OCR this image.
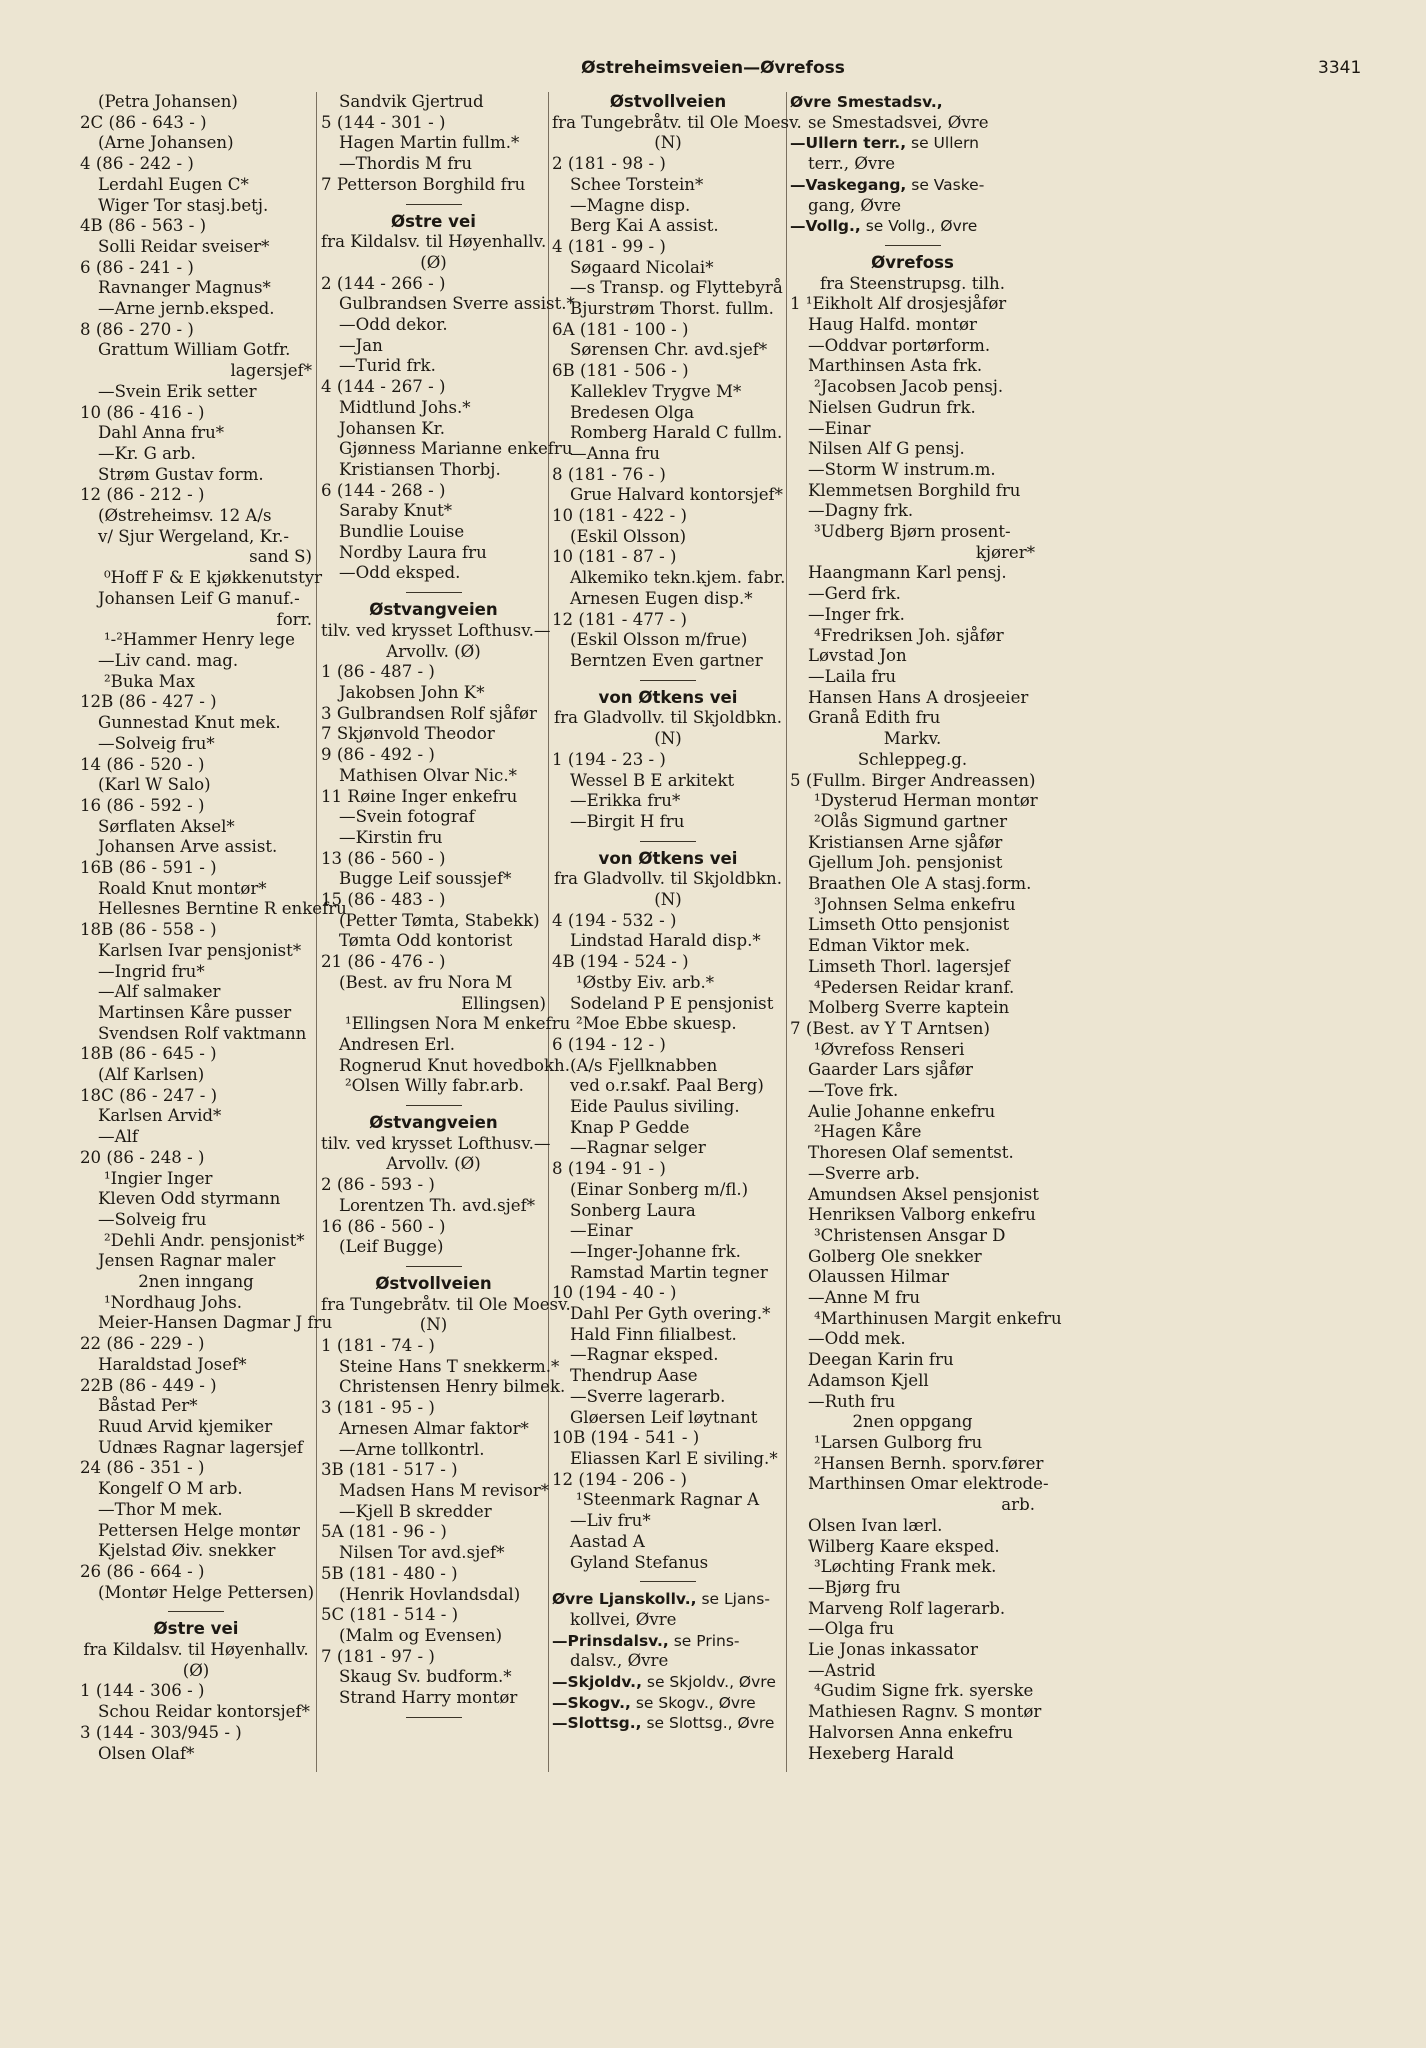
Østreheimsveien—Øvrefoss	3341
(Petra Johansen)
2C (86 - 643 - )
(Arne Johansen)
4 (86 - 242 - )
Lerdahl Eugen C*
Wiger Tor stasj.betj.
4B (86 - 563 - )
Solli Reidar sveiser*
6 (86 - 241 - )
Ravnanger Magnus*
—Arne jernb.eksped.
8 (86 - 270 - )
Grattum William Gotfr.
lagersjef*
—Svein Erik setter
10 (86 - 416 - )
Dahl Anna fru*
—Kr. G arb.
Strøm Gustav form.
12 (86 - 212 - )
(Østreheimsv. 12 A/s
v/ Sjur Wergeland, Kr.-
sand S)
⁰Hoff F & E kjøkkenutstyr
Johansen Leif G manuf.-
forr.
¹-²Hammer Henry lege
—Liv cand. mag.
²Buka Max
12B (86 - 427 - )
Gunnestad Knut mek.
—Solveig fru*
14 (86 - 520 - )
(Karl W Salo)
16 (86 - 592 - )
Sørflaten Aksel*
Johansen Arve assist.
16B (86 - 591 - )
Roald Knut montør*
Hellesnes Berntine R enkefru
18B (86 - 558 - )
Karlsen Ivar pensjonist*
—Ingrid fru*
—Alf salmaker
Martinsen Kåre pusser
Svendsen Rolf vaktmann
18B (86 - 645 - )
(Alf Karlsen)
18C (86 - 247 - )
Karlsen Arvid*
—Alf
20 (86 - 248 - )
¹Ingier Inger
Kleven Odd styrmann
—Solveig fru
²Dehli Andr. pensjonist*
Jensen Ragnar maler
2nen inngang
¹Nordhaug Johs.
Meier-Hansen Dagmar J fru
22 (86 - 229 - )
Haraldstad Josef*
22B (86 - 449 - )
Båstad Per*
Ruud Arvid kjemiker
Udnæs Ragnar lagersjef
24 (86 - 351 - )
Kongelf O M arb.
—Thor M mek.
Pettersen Helge montør
Kjelstad Øiv. snekker
26 (86 - 664 - )
(Montør Helge Pettersen)
Østre vei
fra Kildalsv. til Høyenhallv.
(Ø)
1 (144 - 306 - )
Schou Reidar kontorsjef*
3 (144 - 303/945 - )
Olsen Olaf*
Sandvik Gjertrud
5 (144 - 301 - )
Hagen Martin fullm.*
—Thordis M fru
7 Petterson Borghild fru
Østre vei
fra Kildalsv. til Høyenhallv.
(Ø)
2 (144 - 266 - )
Gulbrandsen Sverre assist.*
—Odd dekor.
—Jan
—Turid frk.
4 (144 - 267 - )
Midtlund Johs.*
Johansen Kr.
Gjønness Marianne enkefru
Kristiansen Thorbj.
6 (144 - 268 - )
Saraby Knut*
Bundlie Louise
Nordby Laura fru
—Odd eksped.
Østvangveien
tilv. ved krysset Lofthusv.—
Arvollv. (Ø)
1 (86 - 487 - )
Jakobsen John K*
3 Gulbrandsen Rolf sjåfør
7 Skjønvold Theodor
9 (86 - 492 - )
Mathisen Olvar Nic.*
11 Røine Inger enkefru
—Svein fotograf
—Kirstin fru
13 (86 - 560 - )
Bugge Leif soussjef*
15 (86 - 483 - )
(Petter Tømta, Stabekk)
Tømta Odd kontorist
21 (86 - 476 - )
(Best. av fru Nora M
Ellingsen)
¹Ellingsen Nora M enkefru
Andresen Erl.
Rognerud Knut hovedbokh.
²Olsen Willy fabr.arb.
Østvangveien
tilv. ved krysset Lofthusv.—
Arvollv. (Ø)
2 (86 - 593 - )
Lorentzen Th. avd.sjef*
16 (86 - 560 - )
(Leif Bugge)
Østvollveien
fra Tungebråtv. til Ole Moesv.
(N)
1 (181 - 74 - )
Steine Hans T snekkerm.*
Christensen Henry bilmek.
3 (181 - 95 - )
Arnesen Almar faktor*
—Arne tollkontrl.
3B (181 - 517 - )
Madsen Hans M revisor*
—Kjell B skredder
5A (181 - 96 - )
Nilsen Tor avd.sjef*
5B (181 - 480 - )
(Henrik Hovlandsdal)
5C (181 - 514 - )
(Malm og Evensen)
7 (181 - 97 - )
Skaug Sv. budform.*
Strand Harry montør
Østvollveien
fra Tungebråtv. til Ole Moesv.
(N)
2 (181 - 98 - )
Schee Torstein*
—Magne disp.
Berg Kai A assist.
4 (181 - 99 - )
Søgaard Nicolai*
—s Transp. og Flyttebyrå
Bjurstrøm Thorst. fullm.
6A (181 - 100 - )
Sørensen Chr. avd.sjef*
6B (181 - 506 - )
Kalleklev Trygve M*
Bredesen Olga
Romberg Harald C fullm.
—Anna fru
8 (181 - 76 - )
Grue Halvard kontorsjef*
10 (181 - 422 - )
(Eskil Olsson)
10 (181 - 87 - )
Alkemiko tekn.kjem. fabr.
Arnesen Eugen disp.*
12 (181 - 477 - )
(Eskil Olsson m/frue)
Berntzen Even gartner
von Øtkens vei
fra Gladvollv. til Skjoldbkn.
(N)
1 (194 - 23 - )
Wessel B E arkitekt
—Erikka fru*
—Birgit H fru
von Øtkens vei
fra Gladvollv. til Skjoldbkn.
(N)
4 (194 - 532 - )
Lindstad Harald disp.*
4B (194 - 524 - )
¹Østby Eiv. arb.*
Sodeland P E pensjonist
²Moe Ebbe skuesp.
6 (194 - 12 - )
(A/s Fjellknabben
ved o.r.sakf. Paal Berg)
Eide Paulus siviling.
Knap P Gedde
—Ragnar selger
8 (194 - 91 - )
(Einar Sonberg m/fl.)
Sonberg Laura
—Einar
—Inger-Johanne frk.
Ramstad Martin tegner
10 (194 - 40 - )
Dahl Per Gyth overing.*
Hald Finn filialbest.
—Ragnar eksped.
Thendrup Aase
—Sverre lagerarb.
Gløersen Leif løytnant
10B (194 - 541 - )
Eliassen Karl E siviling.*
12 (194 - 206 - )
¹Steenmark Ragnar A
—Liv fru*
Aastad A
Gyland Stefanus
Øvre Ljanskollv., se Ljans-
kollvei, Øvre
—Prinsdalsv., se Prins-
dalsv., Øvre
—Skjoldv., se Skjoldv., Øvre
—Skogv., se Skogv., Øvre
—Slottsg., se Slottsg., Øvre
Øvre Smestadsv.,
se Smestadsvei, Øvre
—Ullern terr., se Ullern
terr., Øvre
—Vaskegang, se Vaske-
gang, Øvre
—Vollg., se Vollg., Øvre
Øvrefoss
fra Steenstrupsg. tilh.
1 ¹Eikholt Alf drosjesjåfør
Haug Halfd. montør
—Oddvar portørform.
Marthinsen Asta frk.
²Jacobsen Jacob pensj.
Nielsen Gudrun frk.
—Einar
Nilsen Alf G pensj.
—Storm W instrum.m.
Klemmetsen Borghild fru
—Dagny frk.
³Udberg Bjørn prosent-
kjører*
Haangmann Karl pensj.
—Gerd frk.
—Inger frk.
⁴Fredriksen Joh. sjåfør
Løvstad Jon
—Laila fru
Hansen Hans A drosjeeier
Granå Edith fru
Markv.
Schleppeg.g.
5 (Fullm. Birger Andreassen)
¹Dysterud Herman montør
²Olås Sigmund gartner
Kristiansen Arne sjåfør
Gjellum Joh. pensjonist
Braathen Ole A stasj.form.
³Johnsen Selma enkefru
Limseth Otto pensjonist
Edman Viktor mek.
Limseth Thorl. lagersjef
⁴Pedersen Reidar kranf.
Molberg Sverre kaptein
7 (Best. av Y T Arntsen)
¹Øvrefoss Renseri
Gaarder Lars sjåfør
—Tove frk.
Aulie Johanne enkefru
²Hagen Kåre
Thoresen Olaf sementst.
—Sverre arb.
Amundsen Aksel pensjonist
Henriksen Valborg enkefru
³Christensen Ansgar D
Golberg Ole snekker
Olaussen Hilmar
—Anne M fru
⁴Marthinusen Margit enkefru
—Odd mek.
Deegan Karin fru
Adamson Kjell
—Ruth fru
2nen oppgang
¹Larsen Gulborg fru
²Hansen Bernh. sporv.fører
Marthinsen Omar elektrode-
arb.
Olsen Ivan lærl.
Wilberg Kaare eksped.
³Løchting Frank mek.
—Bjørg fru
Marveng Rolf lagerarb.
—Olga fru
Lie Jonas inkassator
—Astrid
⁴Gudim Signe frk. syerske
Mathiesen Ragnv. S montør
Halvorsen Anna enkefru
Hexeberg Harald
